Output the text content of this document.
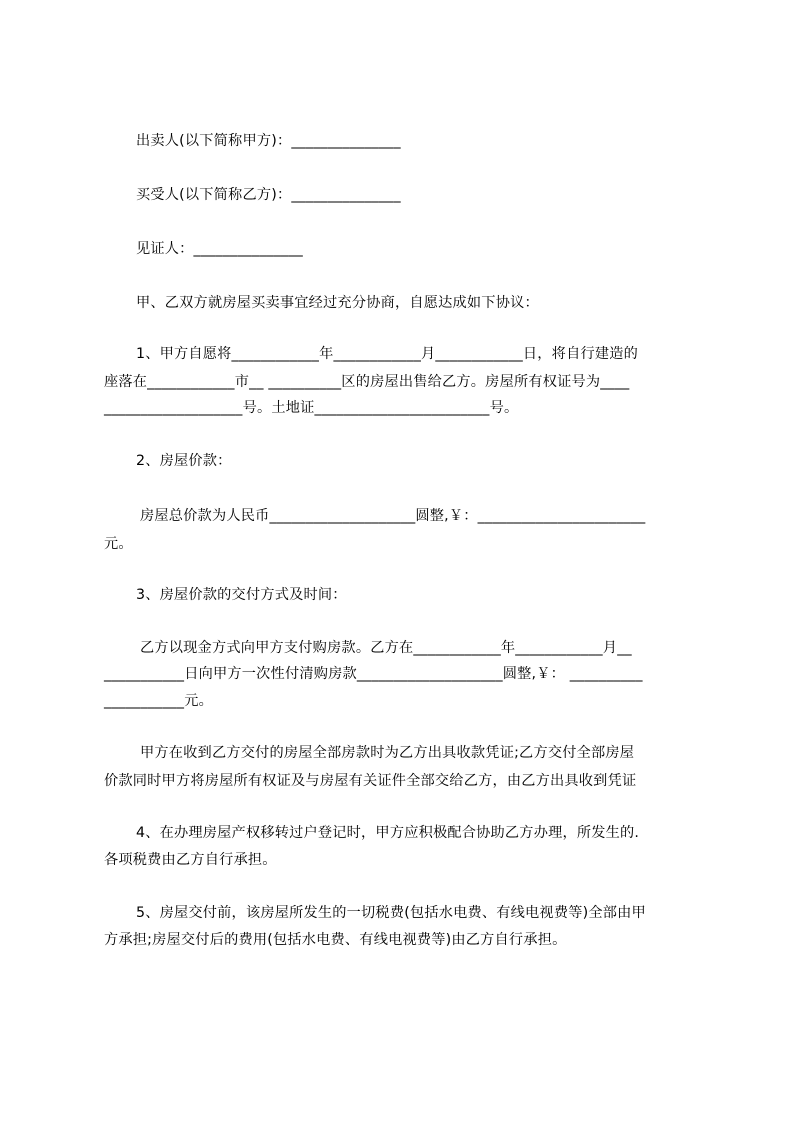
出卖人(以下简称甲方)：_______________
买受人(以下简称乙方)：_______________
见证人：_______________
甲、乙双方就房屋买卖事宜经过充分协商，自愿达成如下协议：
1、甲方自愿将____________年____________月____________日，将自行建造的
座落在____________市__ __________区的房屋出售给乙方。房屋所有权证号为____
___________________号。土地证________________________号。
2、房屋价款：
房屋总价款为人民币____________________圆整,￥：_______________________
元。
3、房屋价款的交付方式及时间：
乙方以现金方式向甲方支付购房款。乙方在____________年____________月__
___________日向甲方一次性付清购房款____________________圆整,￥： __________
___________元。
甲方在收到乙方交付的房屋全部房款时为乙方出具收款凭证;乙方交付全部房屋
价款同时甲方将房屋所有权证及与房屋有关证件全部交给乙方，由乙方出具收到凭证
4、在办理房屋产权移转过户登记时，甲方应积极配合协助乙方办理，所发生的.
各项税费由乙方自行承担。
5、房屋交付前，该房屋所发生的一切税费(包括水电费、有线电视费等)全部由甲
方承担;房屋交付后的费用(包括水电费、有线电视费等)由乙方自行承担。
